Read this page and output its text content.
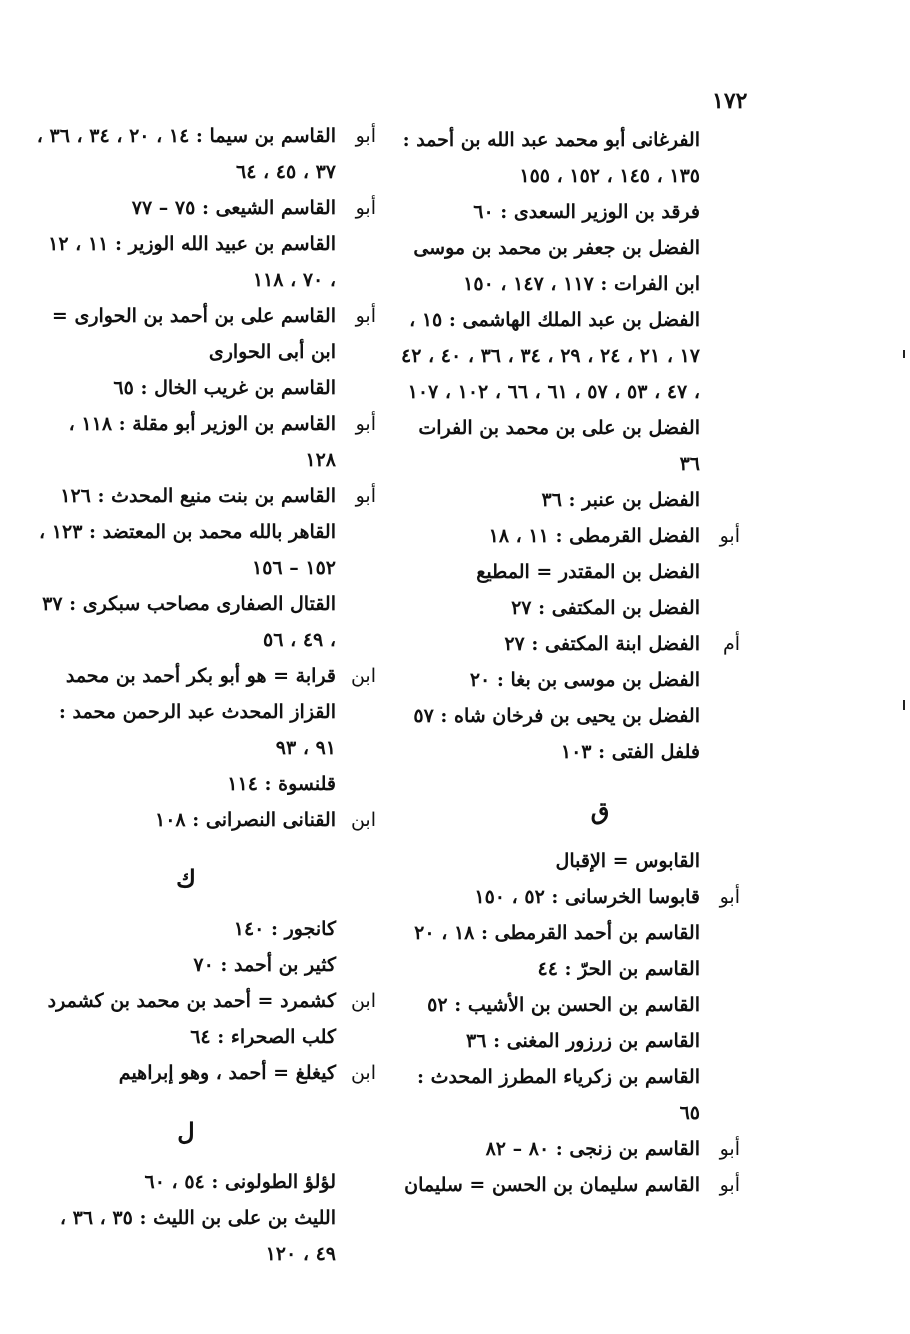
١٧٢
الفرغانى أبو محمد عبد الله بن أحمد : ١٣٥ ، ١٤٥ ، ١٥٢ ، ١٥٥
فرقد بن الوزير السعدى : ٦٠
الفضل بن جعفر بن محمد بن موسى ابن الفرات : ١١٧ ، ١٤٧ ، ١٥٠
الفضل بن عبد الملك الهاشمى : ١٥ ، ١٧ ، ٢١ ، ٢٤ ، ٢٩ ، ٣٤ ، ٣٦ ، ٤٠ ، ٤٢ ، ٤٧ ، ٥٣ ، ٥٧ ، ٦١ ، ٦٦ ، ١٠٢ ، ١٠٧
الفضل بن على بن محمد بن الفرات ٣٦
الفضل بن عنبر : ٣٦
أبو
الفضل القرمطى : ١١ ، ١٨
الفضل بن المقتدر = المطيع
الفضل بن المكتفى : ٢٧
أم
الفضل ابنة المكتفى : ٢٧
الفضل بن موسى بن بغا : ٢٠
الفضل بن يحيى بن فرخان شاه : ٥٧
فلفل الفتى : ١٠٣
ق
القابوس = الإقبال
أبو
قابوسا الخرسانى : ٥٢ ، ١٥٠
القاسم بن أحمد القرمطى : ١٨ ، ٢٠
القاسم بن الحرّ : ٤٤
القاسم بن الحسن بن الأشيب : ٥٢
القاسم بن زرزور المغنى : ٣٦
القاسم بن زكرياء المطرز المحدث : ٦٥
أبو
القاسم بن زنجى : ٨٠ – ٨٢
أبو
القاسم سليمان بن الحسن = سليمان
أبو
القاسم بن سيما : ١٤ ، ٢٠ ، ٣٤ ، ٣٦ ، ٣٧ ، ٤٥ ، ٦٤
أبو
القاسم الشيعى : ٧٥ – ٧٧
القاسم بن عبيد الله الوزير : ١١ ، ١٢ ، ٧٠ ، ١١٨
أبو
القاسم على بن أحمد بن الحوارى = ابن أبى الحوارى
القاسم بن غريب الخال : ٦٥
أبو
القاسم بن الوزير أبو مقلة : ١١٨ ، ١٢٨
أبو
القاسم بن بنت منيع المحدث : ١٢٦
القاهر بالله محمد بن المعتضد : ١٢٣ ، ١٥٢ – ١٥٦
القتال الصفارى مصاحب سبكرى : ٣٧ ، ٤٩ ، ٥٦
ابن
قرابة = هو أبو بكر أحمد بن محمد
القزاز المحدث عبد الرحمن محمد : ٩١ ، ٩٣
قلنسوة : ١١٤
ابن
القنانى النصرانى : ١٠٨
ك
كانجور : ١٤٠
كثير بن أحمد : ٧٠
ابن
كشمرد = أحمد بن محمد بن كشمرد
كلب الصحراء : ٦٤
ابن
كيغلغ = أحمد ، وهو إبراهيم
ل
لؤلؤ الطولونى : ٥٤ ، ٦٠
الليث بن على بن الليث : ٣٥ ، ٣٦ ، ٤٩ ، ١٢٠
